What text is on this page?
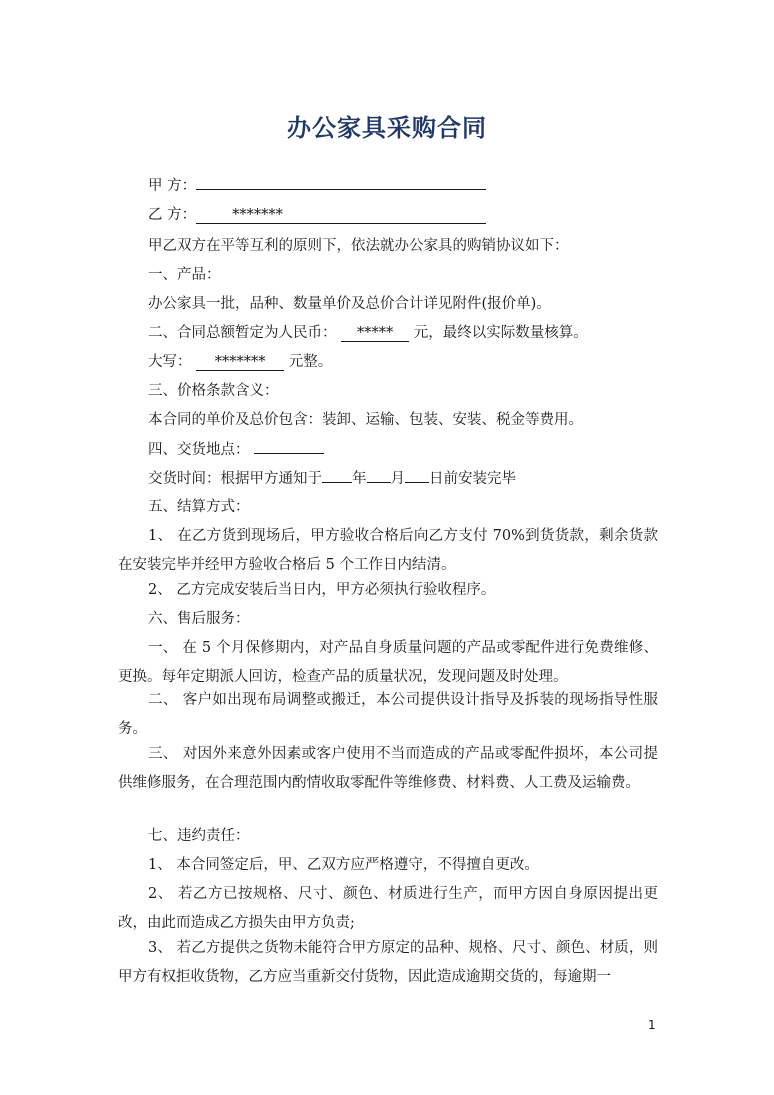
办公家具采购合同
甲 方：
乙 方： *******
甲乙双方在平等互利的原则下，依法就办公家具的购销协议如下：
一、产品：
办公家具一批，品种、数量单价及总价合计详见附件(报价单)。
二、合同总额暂定为人民币： ***** 元，最终以实际数量核算。
大写： ******* 元整。
三、价格条款含义：
本合同的单价及总价包含：装卸、运输、包装、安装、税金等费用。
四、交货地点：
交货时间：根据甲方通知于 年 月 日前安装完毕
五、结算方式：
1、 在乙方货到现场后，甲方验收合格后向乙方支付 70%到货货款，剩余货款在安装完毕并经甲方验收合格后 5 个工作日内结清。
2、 乙方完成安装后当日内，甲方必须执行验收程序。
六、售后服务：
一、 在 5 个月保修期内，对产品自身质量问题的产品或零配件进行免费维修、更换。每年定期派人回访，检查产品的质量状况，发现问题及时处理。
二、 客户如出现布局调整或搬迁，本公司提供设计指导及拆装的现场指导性服务。
三、 对因外来意外因素或客户使用不当而造成的产品或零配件损坏，本公司提供维修服务，在合理范围内酌情收取零配件等维修费、材料费、人工费及运输费。
七、违约责任：
1、 本合同签定后，甲、乙双方应严格遵守，不得擅自更改。
2、 若乙方已按规格、尺寸、颜色、材质进行生产，而甲方因自身原因提出更改，由此而造成乙方损失由甲方负责;
3、 若乙方提供之货物未能符合甲方原定的品种、规格、尺寸、颜色、材质，则甲方有权拒收货物，乙方应当重新交付货物，因此造成逾期交货的，每逾期一
1
